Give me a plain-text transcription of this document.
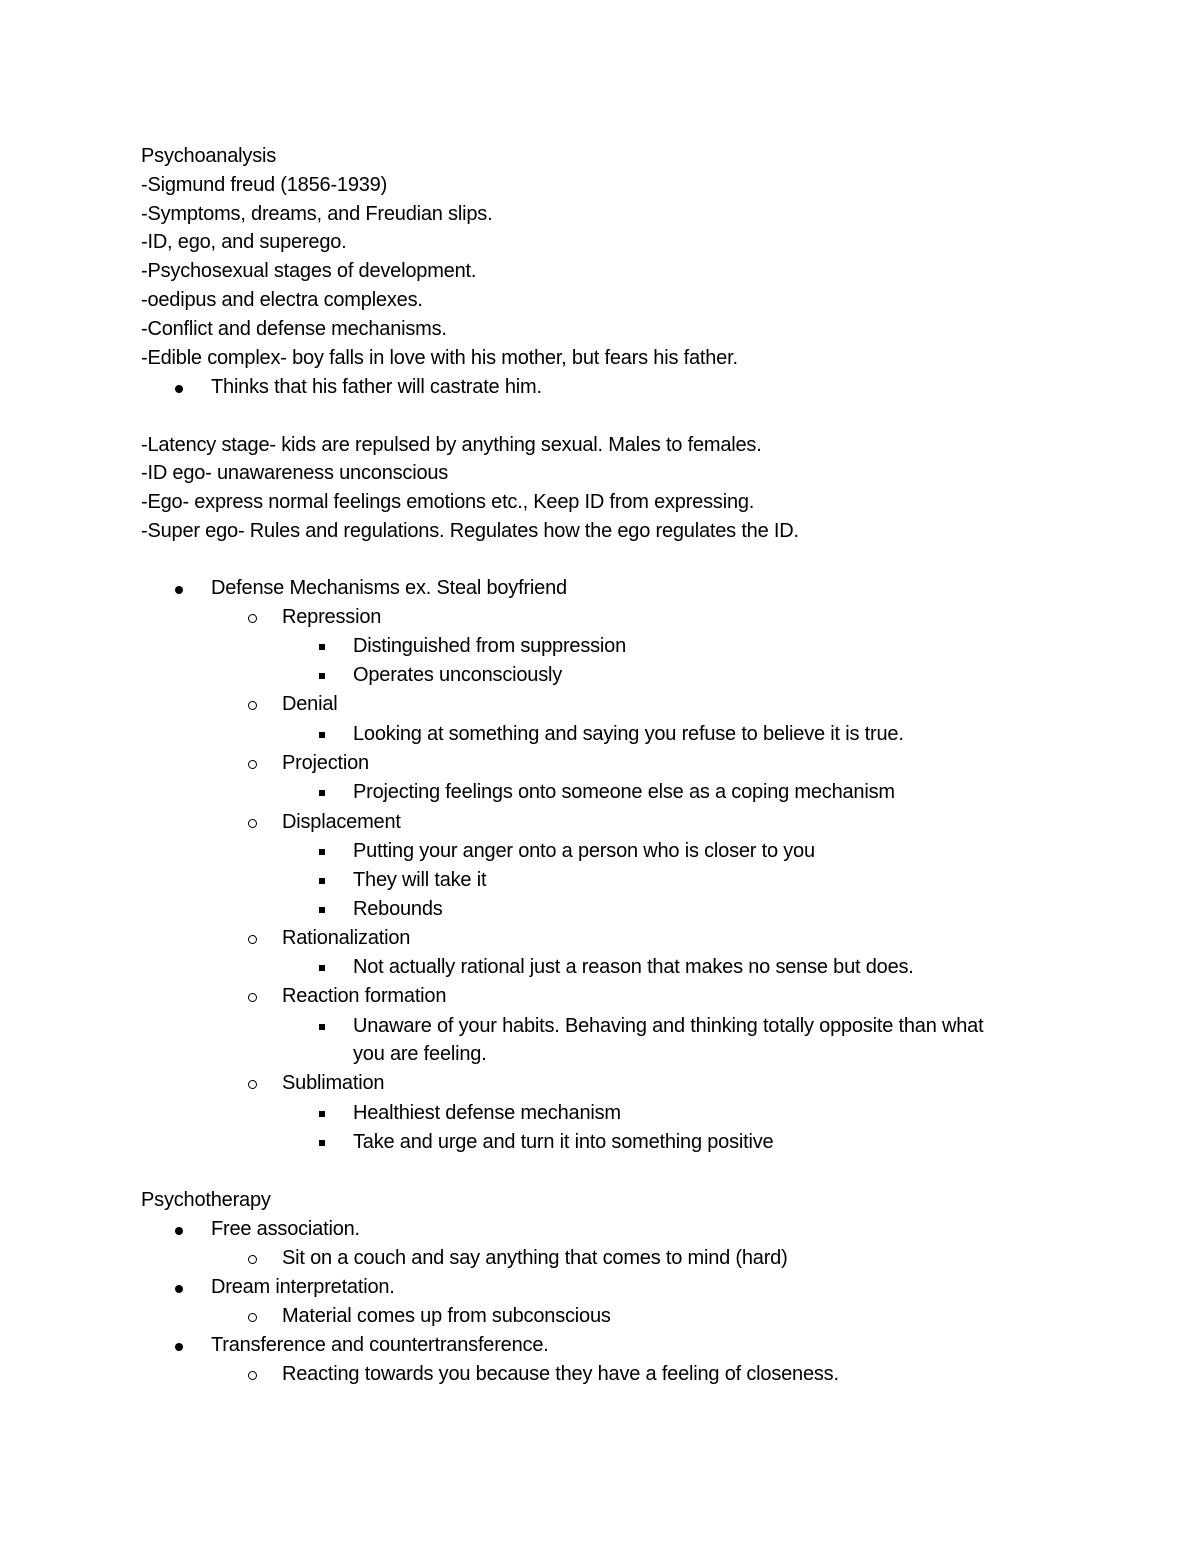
Psychoanalysis
-Sigmund freud (1856-1939)
-Symptoms, dreams, and Freudian slips.
-ID, ego, and superego.
-Psychosexual stages of development.
-oedipus and electra complexes.
-Conflict and defense mechanisms.
-Edible complex- boy falls in love with his mother, but fears his father.
Thinks that his father will castrate him.
-Latency stage- kids are repulsed by anything sexual. Males to females.
-ID ego- unawareness unconscious
-Ego- express normal feelings emotions etc., Keep ID from expressing.
-Super ego- Rules and regulations. Regulates how the ego regulates the ID.
Defense Mechanisms ex. Steal boyfriend
Repression
Distinguished from suppression
Operates unconsciously
Denial
Looking at something and saying you refuse to believe it is true.
Projection
Projecting feelings onto someone else as a coping mechanism
Displacement
Putting your anger onto a person who is closer to you
They will take it
Rebounds
Rationalization
Not actually rational just a reason that makes no sense but does.
Reaction formation
Unaware of your habits. Behaving and thinking totally opposite than what
you are feeling.
Sublimation
Healthiest defense mechanism
Take and urge and turn it into something positive
Psychotherapy
Free association.
Sit on a couch and say anything that comes to mind (hard)
Dream interpretation.
Material comes up from subconscious
Transference and countertransference.
Reacting towards you because they have a feeling of closeness.
